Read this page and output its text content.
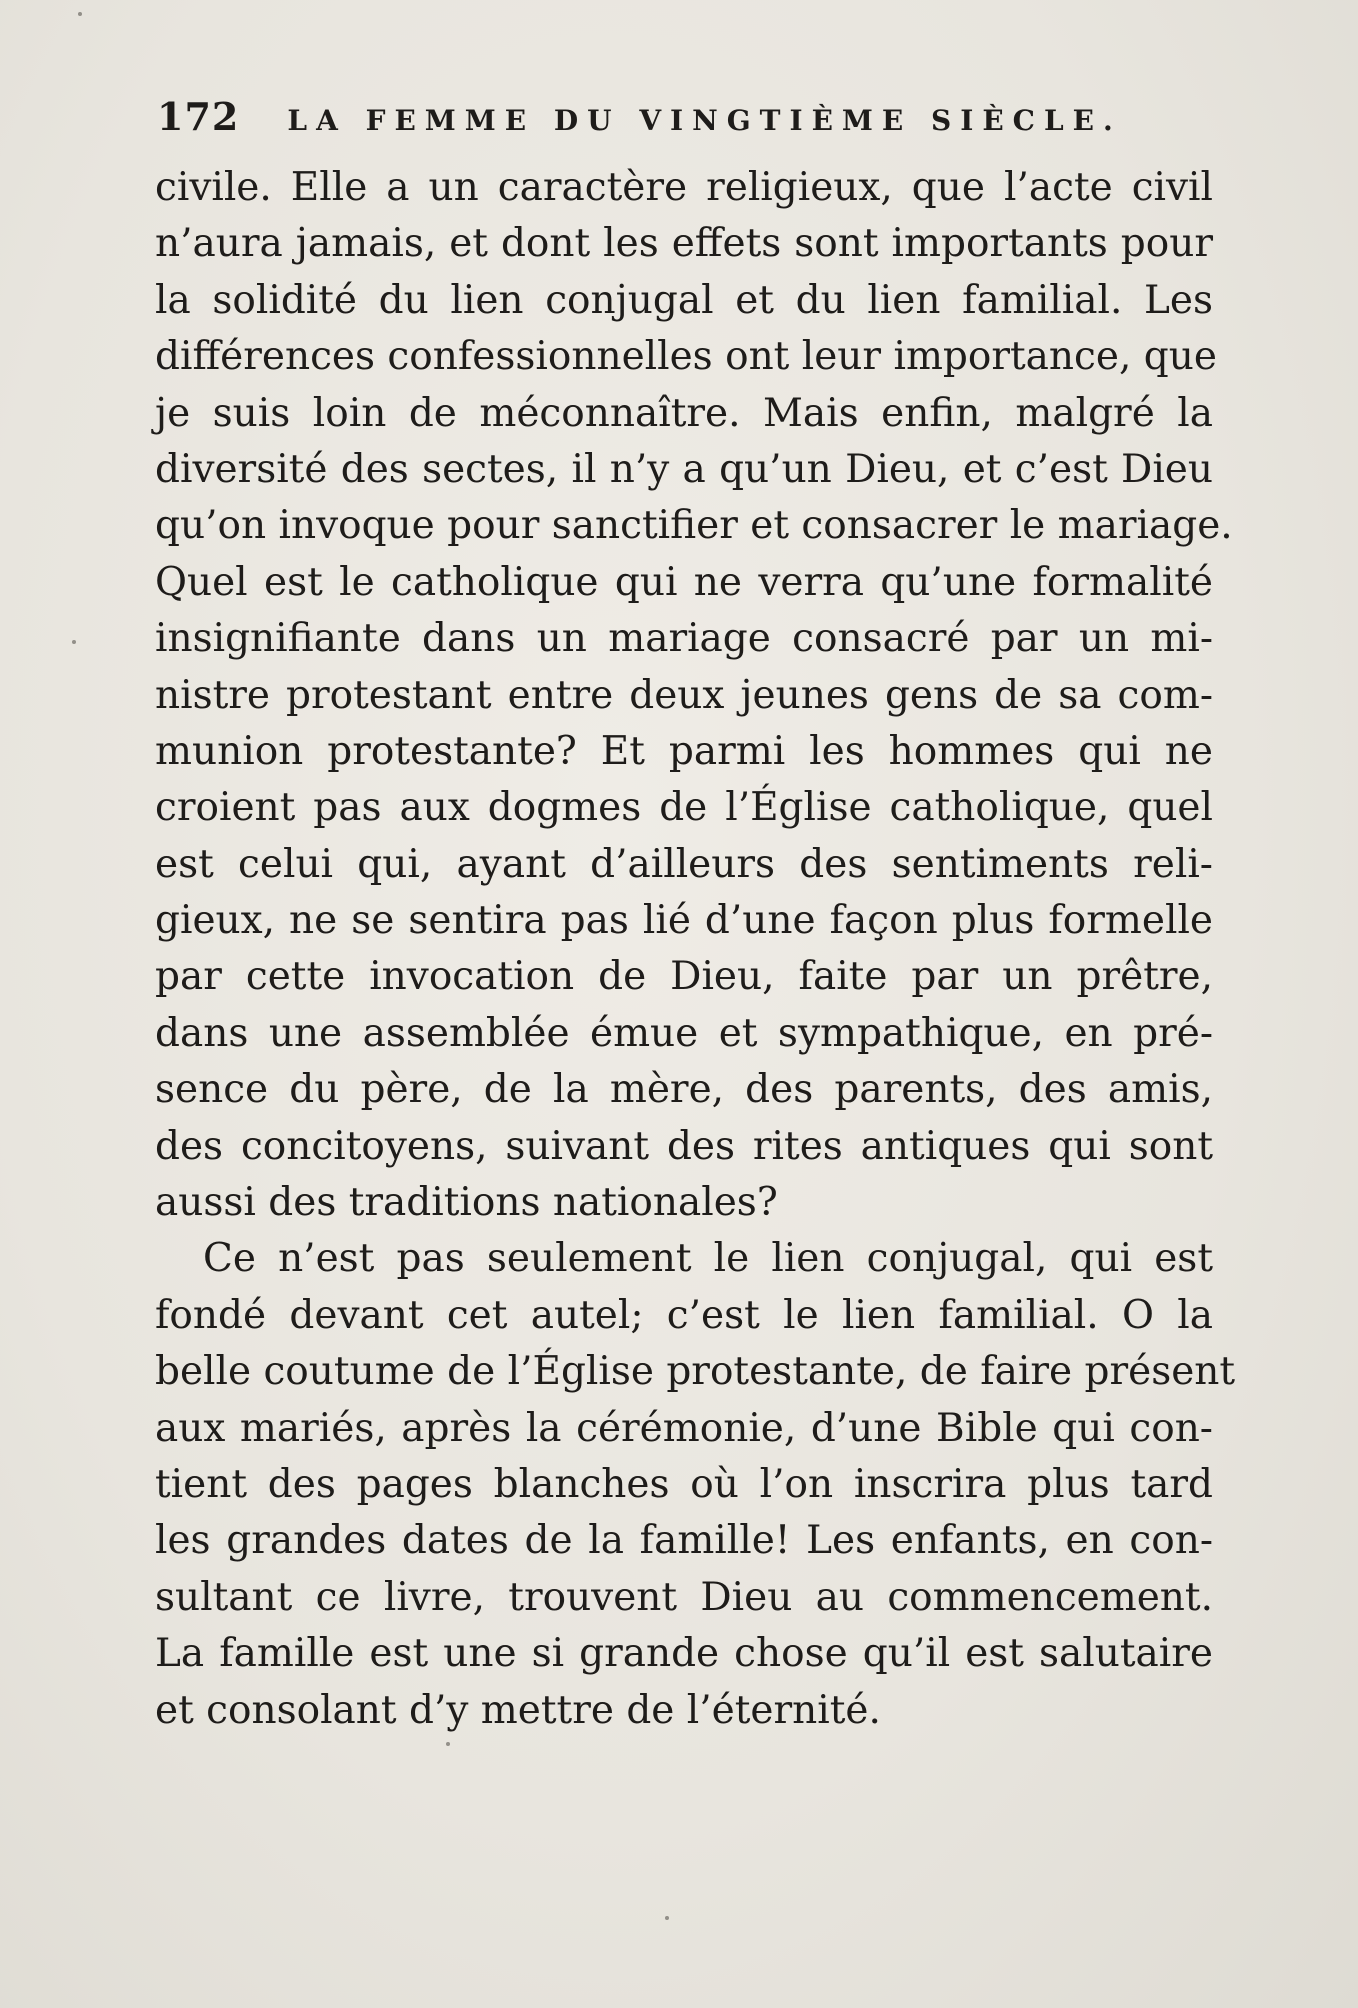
172 LA FEMME DU VINGTIÈME SIÈCLE.
civile. Elle a un caractère religieux, que l’acte civil
n’aura jamais, et dont les effets sont importants pour
la solidité du lien conjugal et du lien familial. Les
différences confessionnelles ont leur importance, que
je suis loin de méconnaître. Mais enfin, malgré la
diversité des sectes, il n’y a qu’un Dieu, et c’est Dieu
qu’on invoque pour sanctifier et consacrer le mariage.
Quel est le catholique qui ne verra qu’une formalité
insignifiante dans un mariage consacré par un mi-
nistre protestant entre deux jeunes gens de sa com-
munion protestante? Et parmi les hommes qui ne
croient pas aux dogmes de l’Église catholique, quel
est celui qui, ayant d’ailleurs des sentiments reli-
gieux, ne se sentira pas lié d’une façon plus formelle
par cette invocation de Dieu, faite par un prêtre,
dans une assemblée émue et sympathique, en pré-
sence du père, de la mère, des parents, des amis,
des concitoyens, suivant des rites antiques qui sont
aussi des traditions nationales?
Ce n’est pas seulement le lien conjugal, qui est
fondé devant cet autel; c’est le lien familial. O la
belle coutume de l’Église protestante, de faire présent
aux mariés, après la cérémonie, d’une Bible qui con-
tient des pages blanches où l’on inscrira plus tard
les grandes dates de la famille! Les enfants, en con-
sultant ce livre, trouvent Dieu au commencement.
La famille est une si grande chose qu’il est salutaire
et consolant d’y mettre de l’éternité.
